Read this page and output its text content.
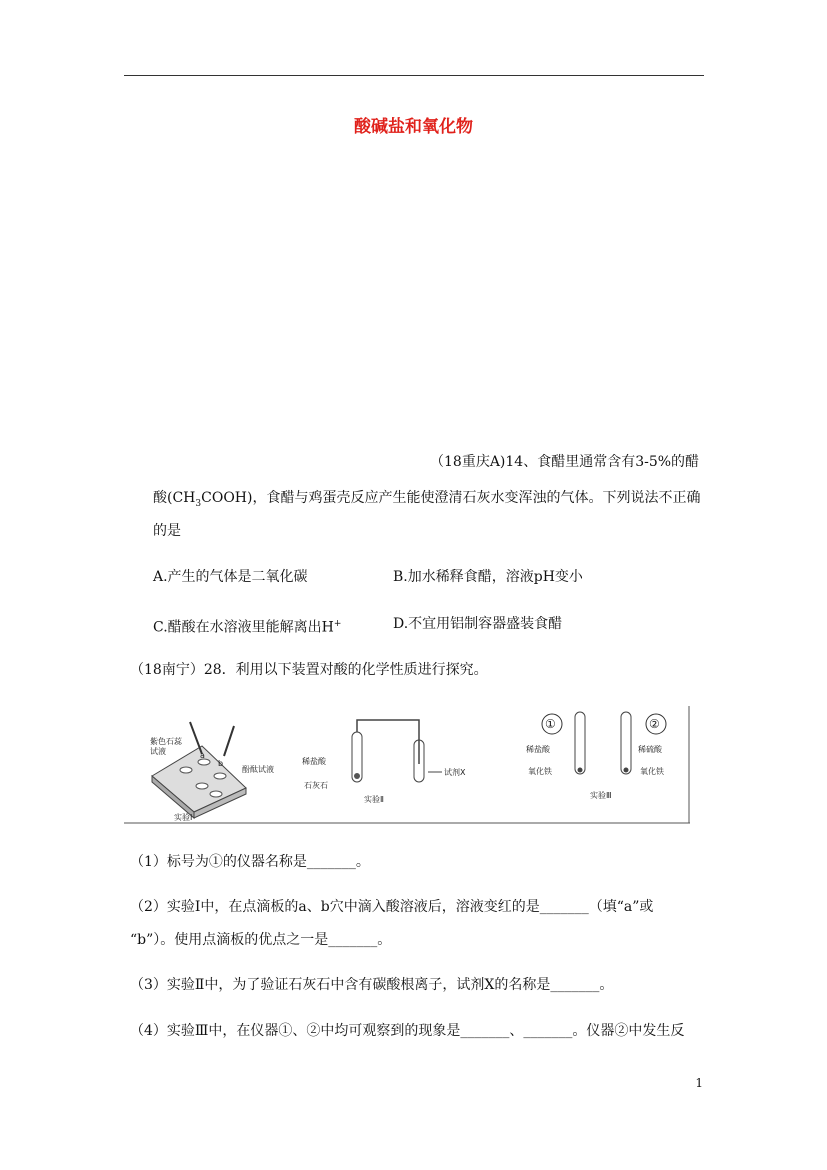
酸碱盐和氧化物
（18重庆A)14、食醋里通常含有3-5%的醋
酸$(CH_3COOH)$，食醋与鸡蛋壳反应产生能使澄清石灰水变浑浊的气体。下列说法不正确
的是
A.产生的气体是二氧化碳	B.加水稀释食醋，溶液pH变小
C.醋酸在水溶液里能解离出H+	D.不宜用铝制容器盛装食醋
（18南宁）28．利用以下装置对酸的化学性质进行探究。
紫色石蕊
试液	a
b
酚酞试液
实验Ⅰ
稀盐酸
石灰石
试剂X
实验Ⅱ
①	②
稀盐酸	稀硫酸
氧化铁	氧化铁
实验Ⅲ
（1）标号为①的仪器名称是_______。
（2）实验Ⅰ中，在点滴板的a、b穴中滴入酸溶液后，溶液变红的是_______（填“a”或
“b”）。使用点滴板的优点之一是_______。
（3）实验Ⅱ中，为了验证石灰石中含有碳酸根离子，试剂X的名称是_______。
（4）实验Ⅲ中，在仪器①、②中均可观察到的现象是_______、_______。仪器②中发生反
1
